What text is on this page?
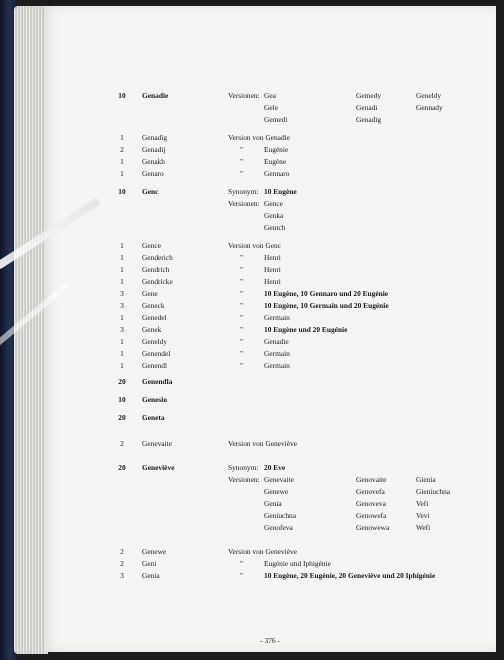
- 376 -
10	Genadie	Versionen: Gea	Gemedy	Geneldy
Gele	Genadi	Gennady
Gemedi	Genadig
1	Genadig	Version von Genadie
2	Genadij	"	Eugénie
1	Genakh	"	Eugène
1	Genaro	"	Gennaro
10	Genc	Synonym: 10 Eugène
Versionen: Gence
Genka
Gentch
1	Gence	Version von Genc
1	Genderich	"	Henri
1	Gendrich	"	Henri
1	Gendricke	"	Henri
3	Gene	"	10 Eugène, 10 Gennaro und 20 Eugénie
3	Geneck	"	10 Eugène, 10 Germain und 20 Eugénie
1	Genedel	"	Germain
3	Genek	"	10 Eugène und 20 Eugénie
1	Geneldy	"	Genadie
1	Genendel	"	Germain
1	Genendl	"	Germain
20	Genendla
10	Genesio
20	Geneta
2	Genevaite	Version von Geneviève
20	Geneviève	Synonym: 20 Eve
Versionen: Genevaite	Genovaite	Gienia
Genewe	Genovefa	Gieniuchna
Genia	Genoveva	Vefi
Geniuchna	Genowefa	Vevi
Genofeva	Genowewa	Wefi
2	Genewe	Version von Geneviève
2	Geni	"	Eugénie und Iphigénie
3	Genia	"	10 Eugène, 20 Eugénie, 20 Geneviève und 20 Iphigénie
